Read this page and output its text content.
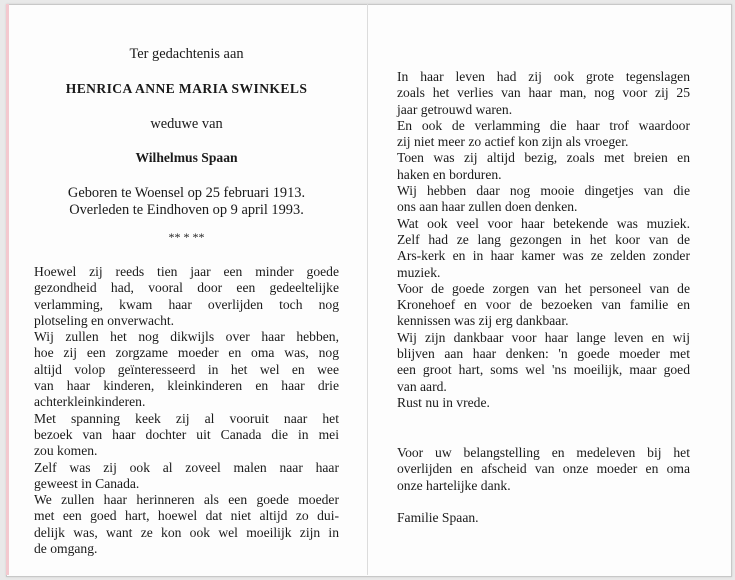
Ter gedachtenis aan
HENRICA ANNE MARIA SWINKELS
weduwe van
Wilhelmus Spaan
Geboren te Woensel op 25 februari 1913.
Overleden te Eindhoven op 9 april 1993.
** * **
Hoewel zij reeds tien jaar een minder goede
gezondheid had, vooral door een gedeeltelijke
verlamming, kwam haar overlijden toch nog
plotseling en onverwacht.
Wij zullen het nog dikwijls over haar hebben,
hoe zij een zorgzame moeder en oma was, nog
altijd volop geïnteresseerd in het wel en wee
van haar kinderen, kleinkinderen en haar drie
achterkleinkinderen.
Met spanning keek zij al vooruit naar het
bezoek van haar dochter uit Canada die in mei
zou komen.
Zelf was zij ook al zoveel malen naar haar
geweest in Canada.
We zullen haar herinneren als een goede moeder
met een goed hart, hoewel dat niet altijd zo dui-
delijk was, want ze kon ook wel moeilijk zijn in
de omgang.
In haar leven had zij ook grote tegenslagen
zoals het verlies van haar man, nog voor zij 25
jaar getrouwd waren.
En ook de verlamming die haar trof waardoor
zij niet meer zo actief kon zijn als vroeger.
Toen was zij altijd bezig, zoals met breien en
haken en borduren.
Wij hebben daar nog mooie dingetjes van die
ons aan haar zullen doen denken.
Wat ook veel voor haar betekende was muziek.
Zelf had ze lang gezongen in het koor van de
Ars-kerk en in haar kamer was ze zelden zonder
muziek.
Voor de goede zorgen van het personeel van de
Kronehoef en voor de bezoeken van familie en
kennissen was zij erg dankbaar.
Wij zijn dankbaar voor haar lange leven en wij
blijven aan haar denken: 'n goede moeder met
een groot hart, soms wel 'ns moeilijk, maar goed
van aard.
Rust nu in vrede.
Voor uw belangstelling en medeleven bij het
overlijden en afscheid van onze moeder en oma
onze hartelijke dank.
Familie Spaan.
